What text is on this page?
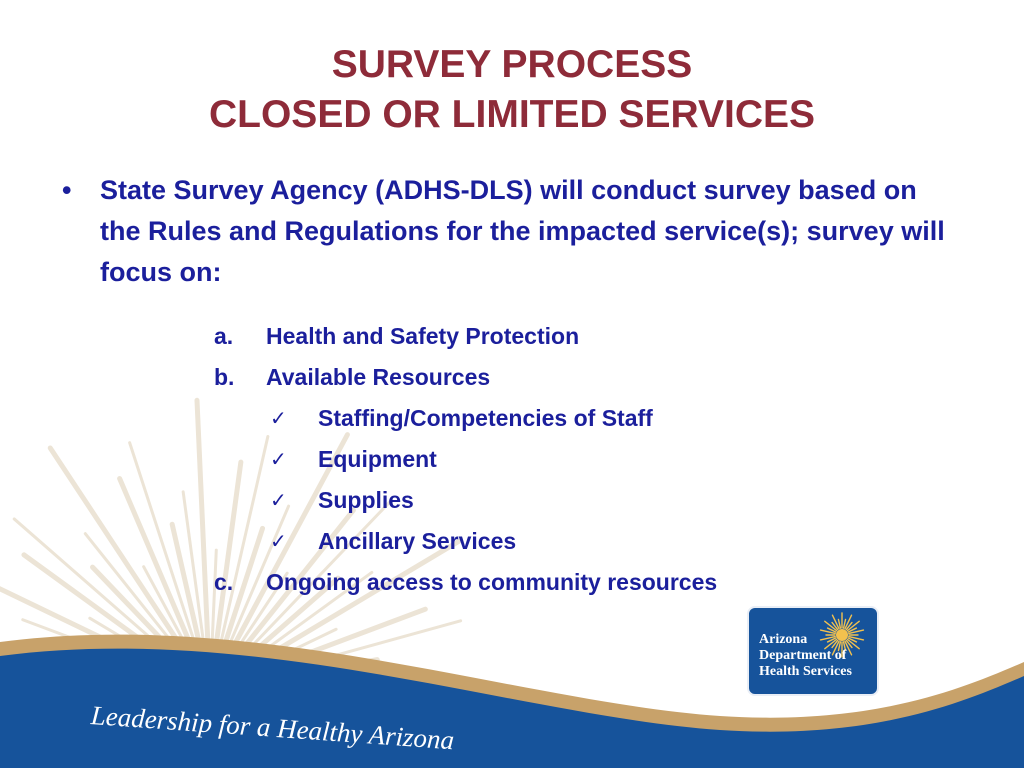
SURVEY PROCESS
CLOSED OR LIMITED SERVICES
• State Survey Agency (ADHS-DLS) will conduct survey based on the Rules and Regulations for the impacted service(s); survey will focus on:
a. Health and Safety Protection
b. Available Resources
✓ Staffing/Competencies of Staff
✓ Equipment
✓ Supplies
✓ Ancillary Services
c. Ongoing access to community resources
Leadership for a Healthy Arizona
Arizona
Department of
Health Services
